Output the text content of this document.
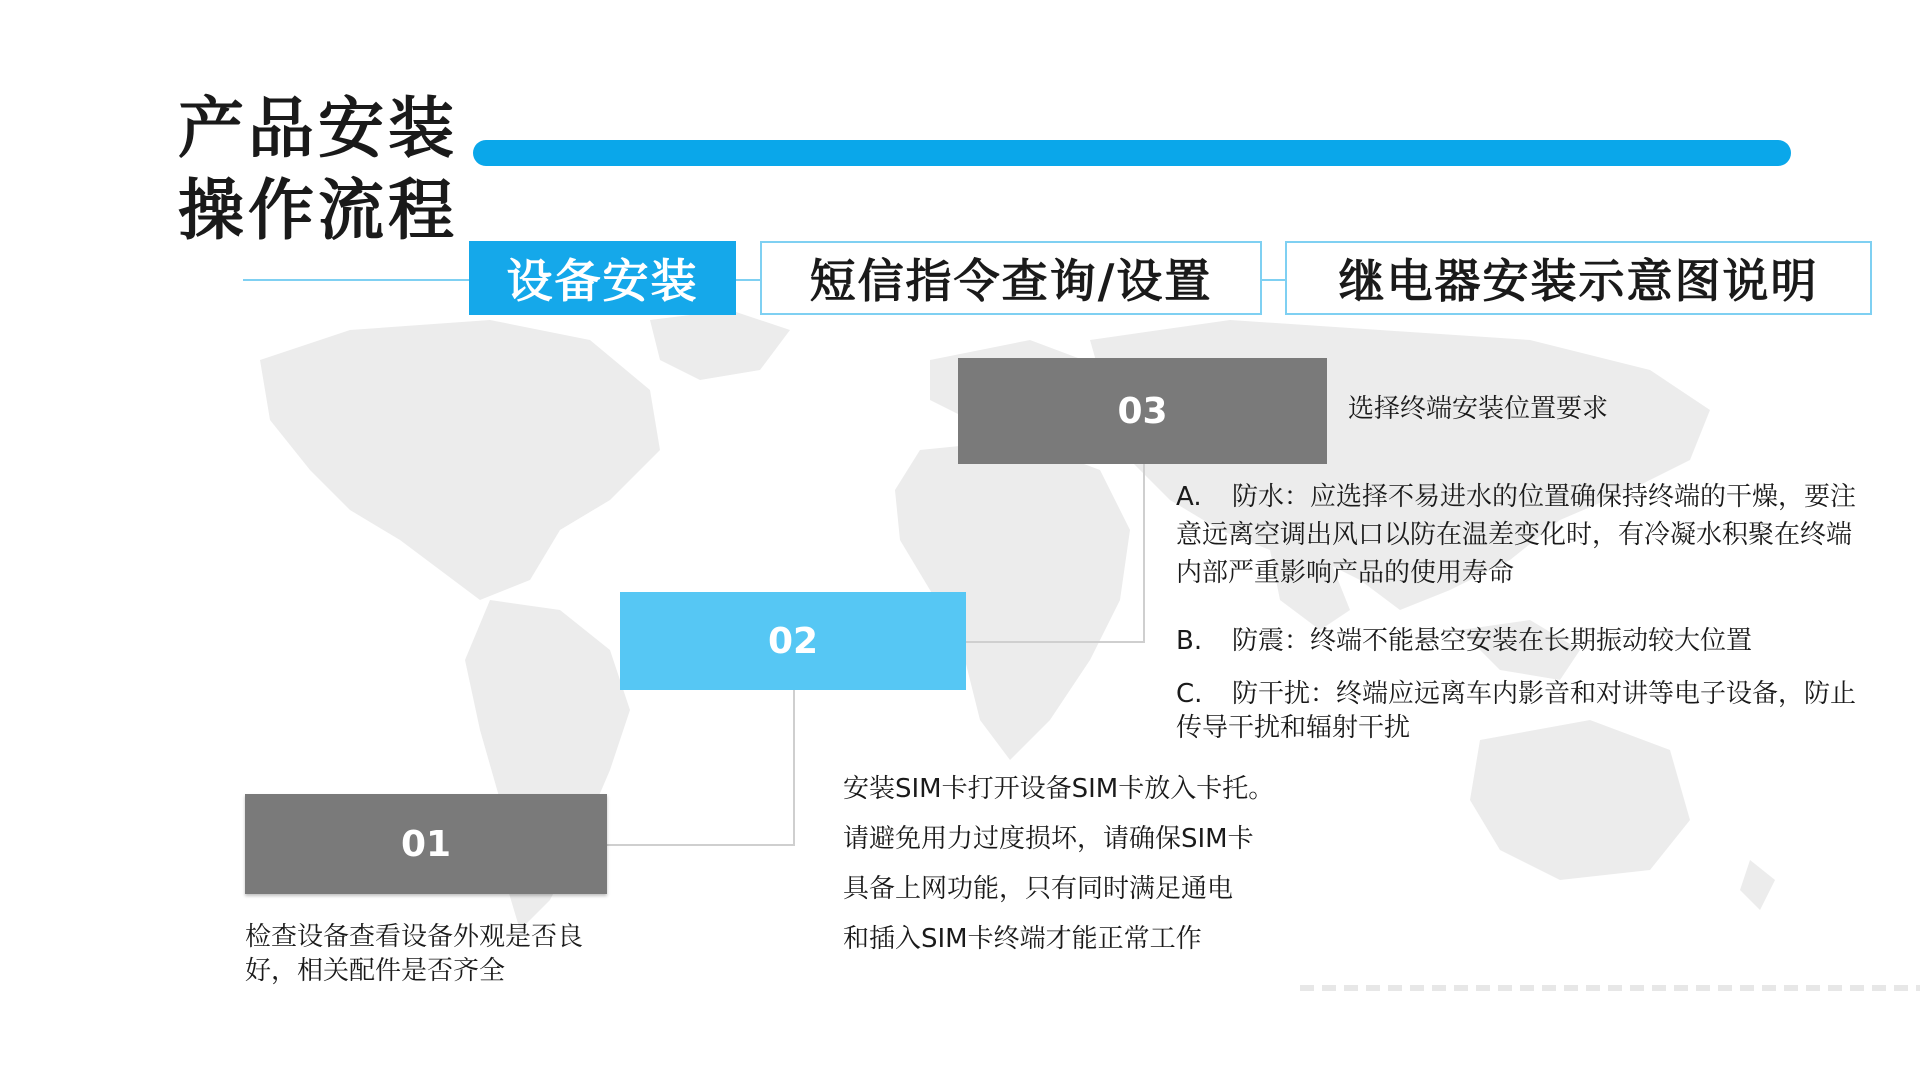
产品安装
操作流程
设备安装	短信指令查询/设置	继电器安装示意图说明
03	选择终端安装位置要求
A. 防水：应选择不易进水的位置确保持终端的干燥，要注意远离空调出风口以防在温差变化时，有冷凝水积聚在终端内部严重影响产品的使用寿命
B. 防震：终端不能悬空安装在长期振动较大位置
C. 防干扰：终端应远离车内影音和对讲等电子设备，防止传导干扰和辐射干扰
02
安装SIM卡打开设备SIM卡放入卡托。
请避免用力过度损坏，请确保SIM卡
具备上网功能，只有同时满足通电
和插入SIM卡终端才能正常工作
01
检查设备查看设备外观是否良好，相关配件是否齐全
